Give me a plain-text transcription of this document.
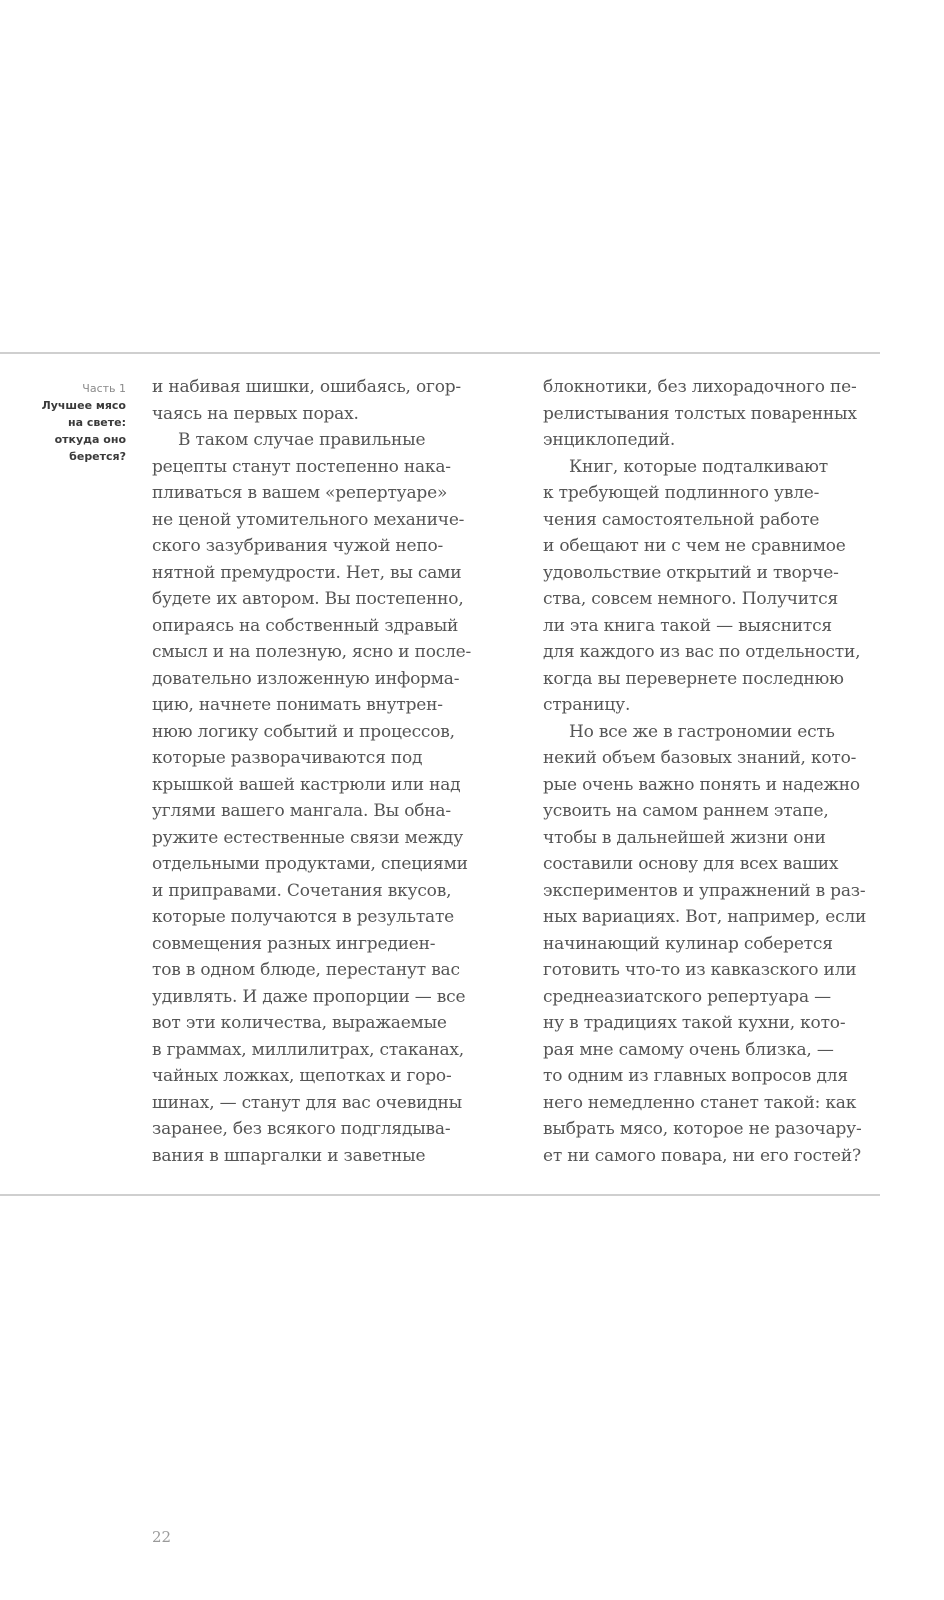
Часть 1
Лучшее мясо
на свете:
откуда оно
берется?
и набивая шишки, ошибаясь, огор-
чаясь на первых порах.
В таком случае правильные
рецепты станут постепенно нака-
пливаться в вашем «репертуаре»
не ценой утомительного механиче-
ского зазубривания чужой непо-
нятной премудрости. Нет, вы сами
будете их автором. Вы постепенно,
опираясь на собственный здравый
смысл и на полезную, ясно и после-
довательно изложенную информа-
цию, начнете понимать внутрен-
нюю логику событий и процессов,
которые разворачиваются под
крышкой вашей кастрюли или над
углями вашего мангала. Вы обна-
ружите естественные связи между
отдельными продуктами, специями
и приправами. Сочетания вкусов,
которые получаются в результате
совмещения разных ингредиен-
тов в одном блюде, перестанут вас
удивлять. И даже пропорции — все
вот эти количества, выражаемые
в граммах, миллилитрах, стаканах,
чайных ложках, щепотках и горо-
шинах, — станут для вас очевидны
заранее, без всякого подглядыва-
вания в шпаргалки и заветные
блокнотики, без лихорадочного пе-
релистывания толстых поваренных
энциклопедий.
Книг, которые подталкивают
к требующей подлинного увле-
чения самостоятельной работе
и обещают ни с чем не сравнимое
удовольствие открытий и творче-
ства, совсем немного. Получится
ли эта книга такой — выяснится
для каждого из вас по отдельности,
когда вы перевернете последнюю
страницу.
Но все же в гастрономии есть
некий объем базовых знаний, кото-
рые очень важно понять и надежно
усвоить на самом раннем этапе,
чтобы в дальнейшей жизни они
составили основу для всех ваших
экспериментов и упражнений в раз-
ных вариациях. Вот, например, если
начинающий кулинар соберется
готовить что-то из кавказского или
среднеазиатского репертуара —
ну в традициях такой кухни, кото-
рая мне самому очень близка, —
то одним из главных вопросов для
него немедленно станет такой: как
выбрать мясо, которое не разочару-
ет ни самого повара, ни его гостей?
22
